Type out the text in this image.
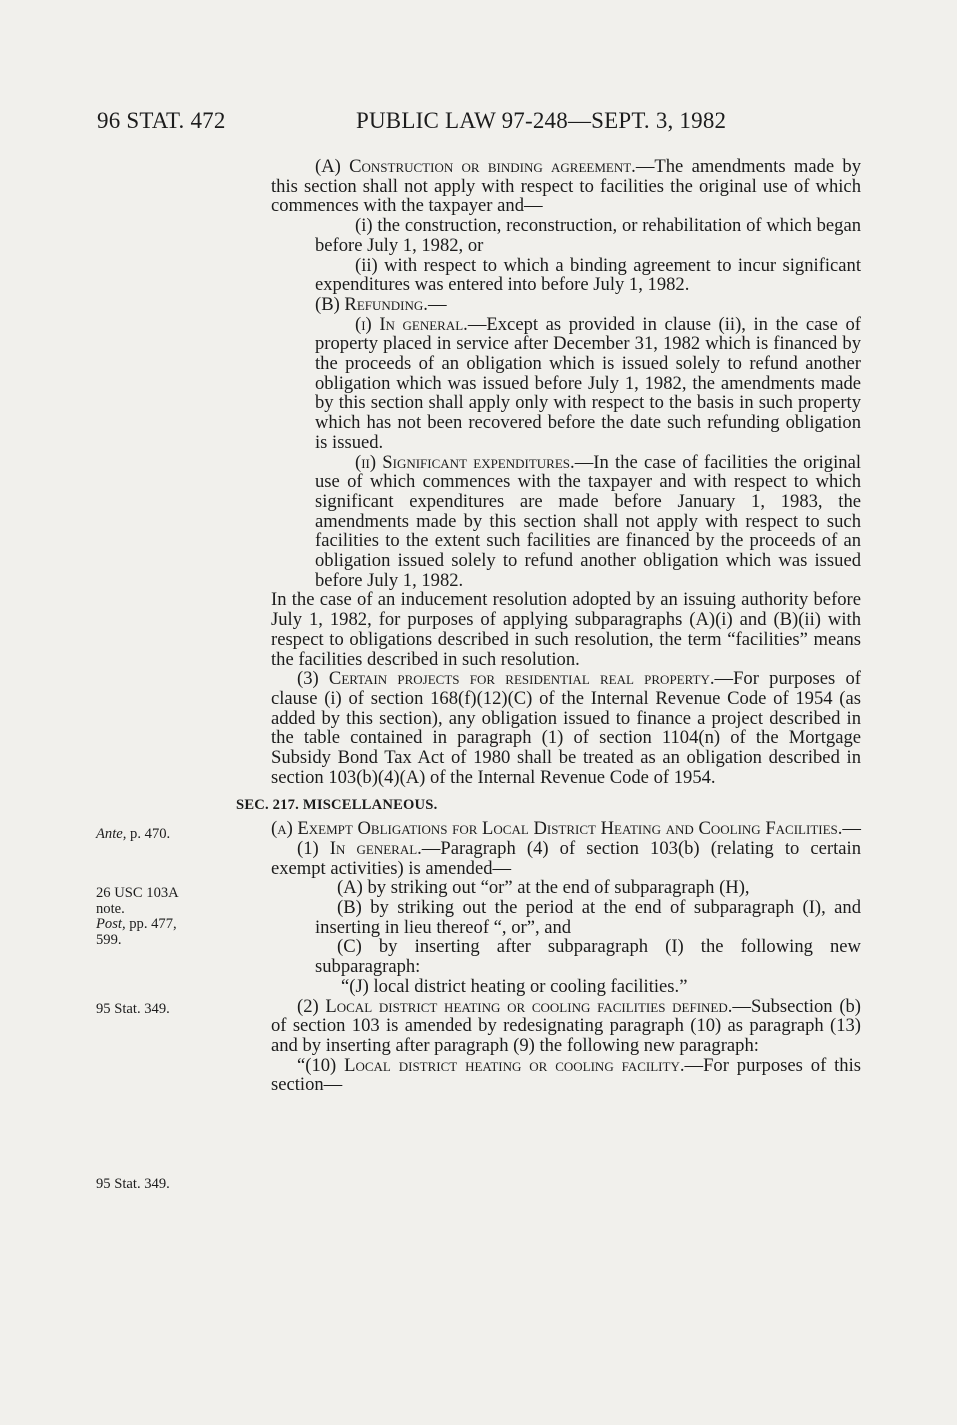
96 STAT. 472	PUBLIC LAW 97-248—SEPT. 3, 1982
Ante, p. 470.
26 USC 103A
note.
Post, pp. 477,
599.
95 Stat. 349.
95 Stat. 349.

(A) Construction or binding agreement.—The amendments made by this section shall not apply with respect to facilities the original use of which commences with the taxpayer and—

(i) the construction, reconstruction, or rehabilitation of which began before July 1, 1982, or

(ii) with respect to which a binding agreement to incur significant expenditures was entered into before July 1, 1982.

(B) Refunding.—

(i) In general.—Except as provided in clause (ii), in the case of property placed in service after December 31, 1982 which is financed by the proceeds of an obligation which is issued solely to refund another obligation which was issued before July 1, 1982, the amendments made by this section shall apply only with respect to the basis in such property which has not been recovered before the date such refunding obligation is issued.

(ii) Significant expenditures.—In the case of facilities the original use of which commences with the taxpayer and with respect to which significant expenditures are made before January 1, 1983, the amendments made by this section shall not apply with respect to such facilities to the extent such facilities are financed by the proceeds of an obligation issued solely to refund another obligation which was issued before July 1, 1982.

In the case of an inducement resolution adopted by an issuing authority before July 1, 1982, for purposes of applying subparagraphs (A)(i) and (B)(ii) with respect to obligations described in such resolution, the term “facilities” means the facilities described in such resolution.

(3) Certain projects for residential real property.—For purposes of clause (i) of section 168(f)(12)(C) of the Internal Revenue Code of 1954 (as added by this section), any obligation issued to finance a project described in the table contained in paragraph (1) of section 1104(n) of the Mortgage Subsidy Bond Tax Act of 1980 shall be treated as an obligation described in section 103(b)(4)(A) of the Internal Revenue Code of 1954.

SEC. 217. MISCELLANEOUS.

(a) Exempt Obligations for Local District Heating and Cooling Facilities.—

(1) In general.—Paragraph (4) of section 103(b) (relating to certain exempt activities) is amended—

(A) by striking out “or” at the end of subparagraph (H),

(B) by striking out the period at the end of subparagraph (I), and inserting in lieu thereof “, or”, and

(C) by inserting after subparagraph (I) the following new subparagraph:

“(J) local district heating or cooling facilities.”

(2) Local district heating or cooling facilities defined.—Subsection (b) of section 103 is amended by redesignating paragraph (10) as paragraph (13) and by inserting after paragraph (9) the following new paragraph:

“(10) Local district heating or cooling facility.—For purposes of this section—
